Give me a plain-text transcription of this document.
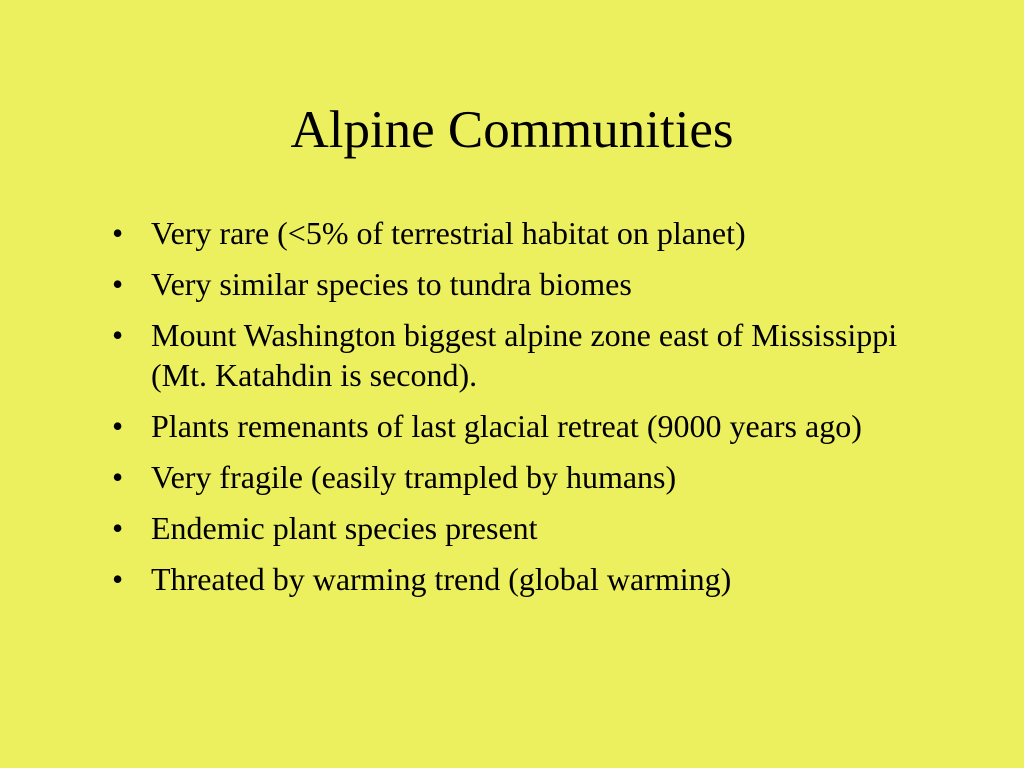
Alpine Communities
• Very rare (<5% of terrestrial habitat on planet)
• Very similar species to tundra biomes
• Mount Washington biggest alpine zone east of Mississippi (Mt. Katahdin is second).
• Plants remenants of last glacial retreat (9000 years ago)
• Very fragile (easily trampled by humans)
• Endemic plant species present
• Threated by warming trend (global warming)
